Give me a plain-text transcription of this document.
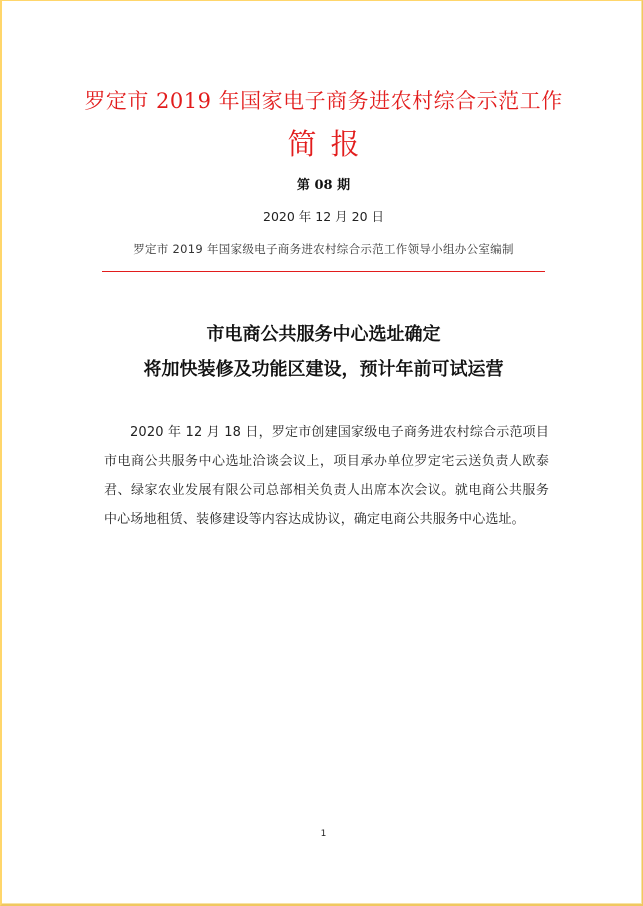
罗定市 2019 年国家电子商务进农村综合示范工作
简报
第 08 期
2020 年 12 月 20 日
罗定市 2019 年国家级电子商务进农村综合示范工作领导小组办公室编制
市电商公共服务中心选址确定
将加快装修及功能区建设，预计年前可试运营

2020 年 12 月 18 日，罗定市创建国家级电子商务进农村综合示范项目市电商公共服务中心选址洽谈会议上，项目承办单位罗定宅云送负责人欧泰君、绿家农业发展有限公司总部相关负责人出席本次会议。就电商公共服务中心场地租赁、装修建设等内容达成协议，确定电商公共服务中心选址。

1
